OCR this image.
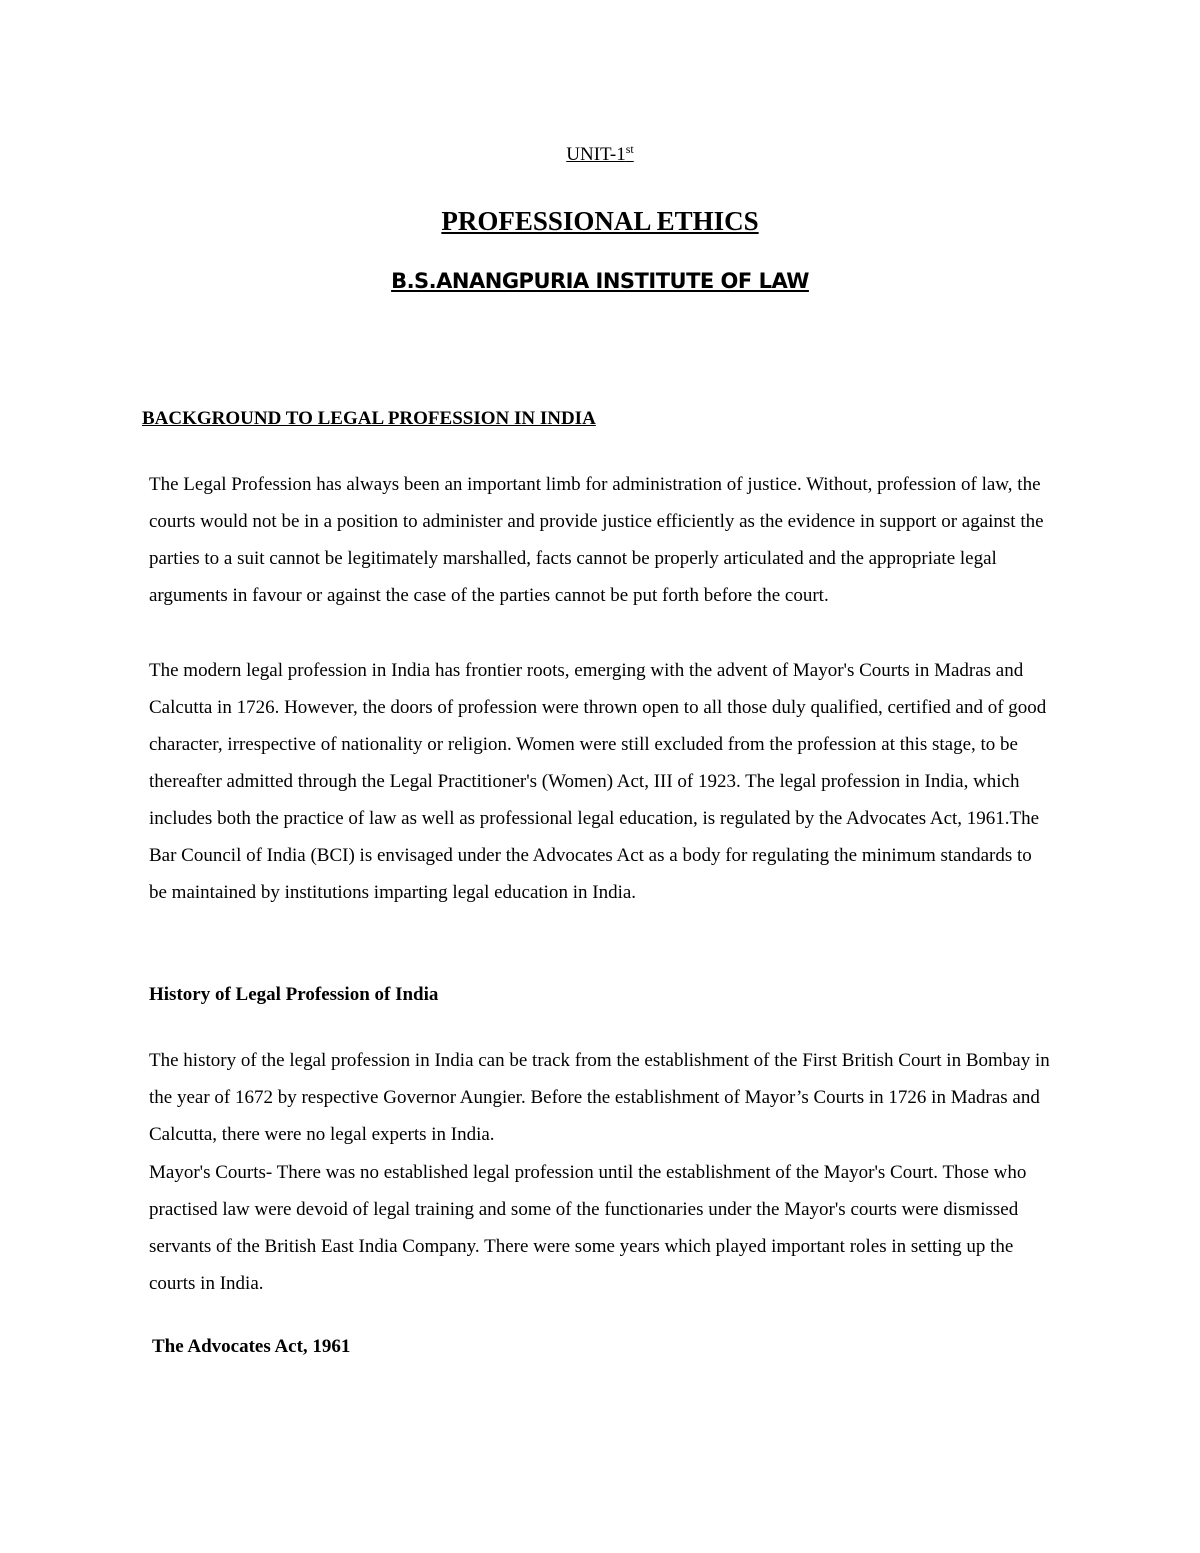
UNIT-1st
PROFESSIONAL ETHICS
B.S.ANANGPURIA INSTITUTE OF LAW
BACKGROUND TO LEGAL PROFESSION IN INDIA

The Legal Profession has always been an important limb for administration of justice. Without, profession of law, the courts would not be in a position to administer and provide justice efficiently as the evidence in support or against the parties to a suit cannot be legitimately marshalled, facts cannot be properly articulated and the appropriate legal arguments in favour or against the case of the parties cannot be put forth before the court.

The modern legal profession in India has frontier roots, emerging with the advent of Mayor's Courts in Madras and Calcutta in 1726. However, the doors of profession were thrown open to all those duly qualified, certified and of good character, irrespective of nationality or religion. Women were still excluded from the profession at this stage, to be thereafter admitted through the Legal Practitioner's (Women) Act, III of 1923. The legal profession in India, which includes both the practice of law as well as professional legal education, is regulated by the Advocates Act, 1961.The Bar Council of India (BCI) is envisaged under the Advocates Act as a body for regulating the minimum standards to be maintained by institutions imparting legal education in India.

History of Legal Profession of India

The history of the legal profession in India can be track from the establishment of the First British Court in Bombay in the year of 1672 by respective Governor Aungier. Before the establishment of Mayor’s Courts in 1726 in Madras and Calcutta, there were no legal experts in India.

Mayor's Courts- There was no established legal profession until the establishment of the Mayor's Court. Those who practised law were devoid of legal training and some of the functionaries under the Mayor's courts were dismissed servants of the British East India Company. There were some years which played important roles in setting up the courts in India.

The Advocates Act, 1961
